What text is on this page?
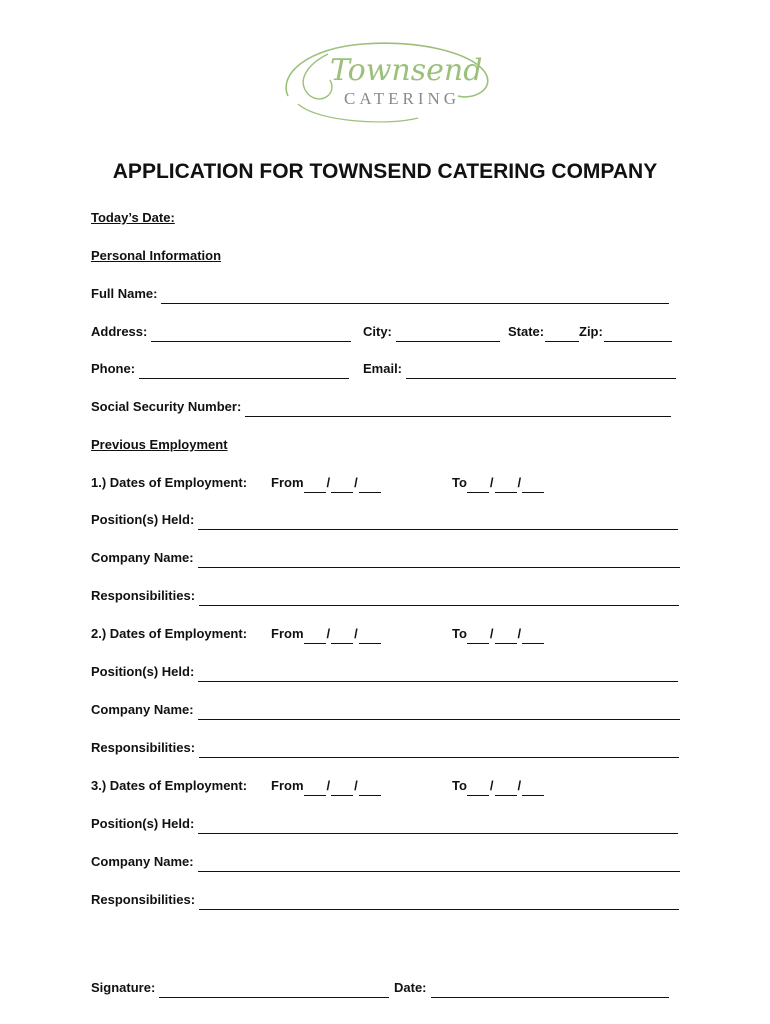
Townsend
CATERING
APPLICATION FOR TOWNSEND CATERING COMPANY
Today’s Date:
Personal Information
Full Name:
Address:	City:	State:	Zip:
Phone:	Email:
Social Security Number:
Previous Employment
1.) Dates of Employment: From / /	To / /
Position(s) Held:
Company Name:
Responsibilities:
2.) Dates of Employment: From / /	To / /
Position(s) Held:
Company Name:
Responsibilities:
3.) Dates of Employment: From / /	To / /
Position(s) Held:
Company Name:
Responsibilities:
Signature:	Date:
